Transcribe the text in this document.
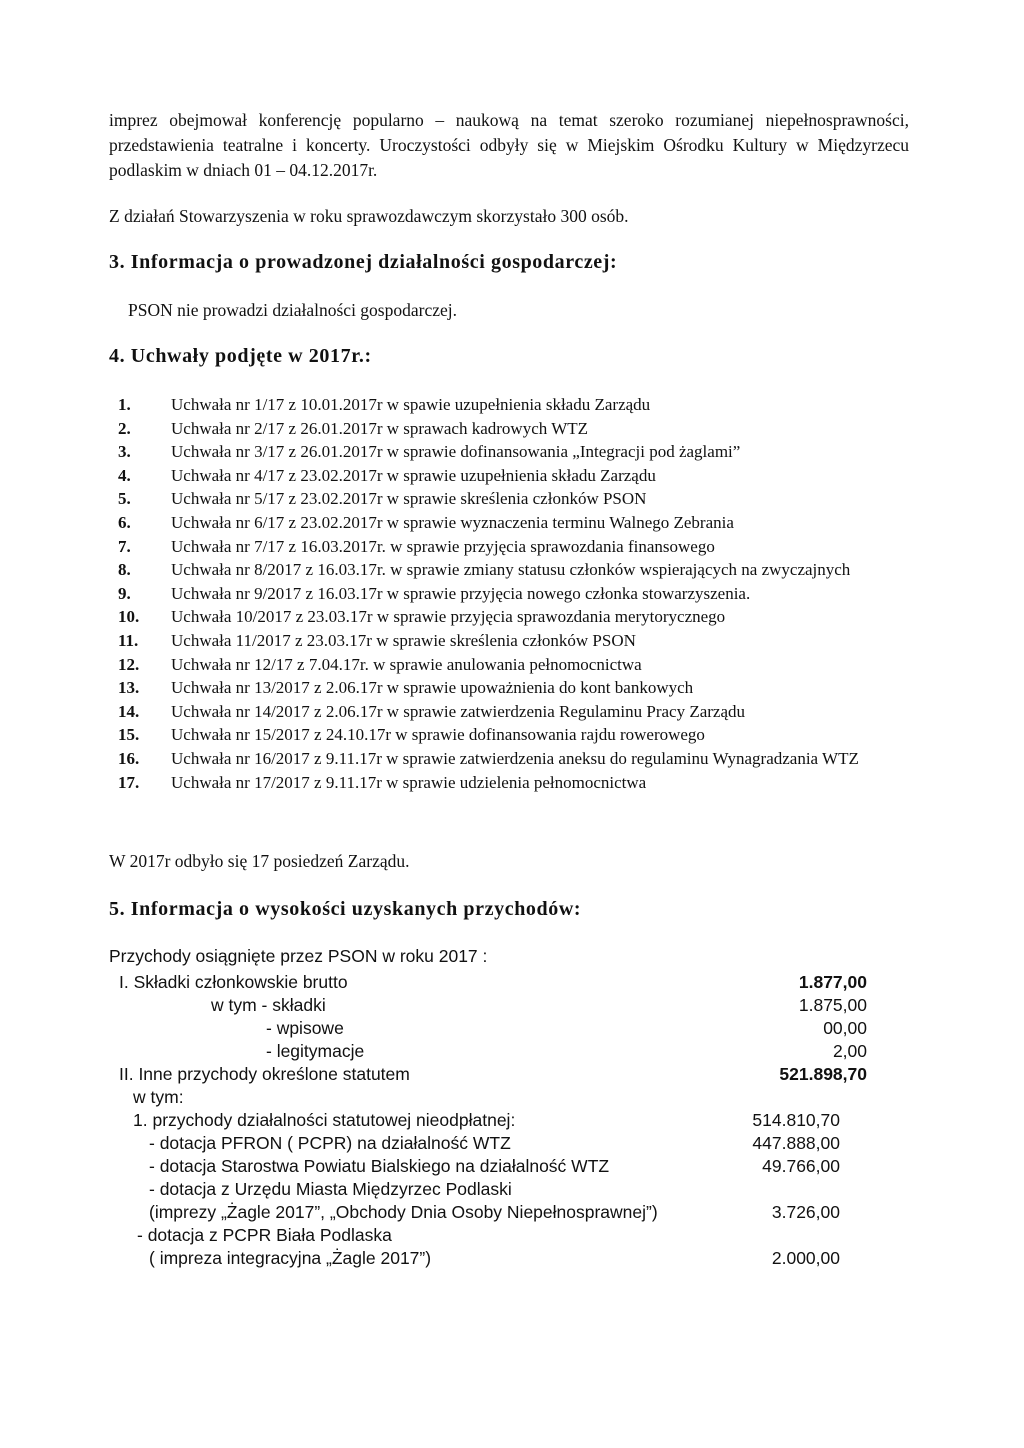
imprez obejmował konferencję popularno – naukową na temat szeroko rozumianej niepełnosprawności, przedstawienia teatralne i koncerty. Uroczystości odbyły się w Miejskim Ośrodku Kultury w Międzyrzecu podlaskim w dniach 01 – 04.12.2017r.
Z działań Stowarzyszenia w roku sprawozdawczym skorzystało 300 osób.
3. Informacja o prowadzonej działalności gospodarczej:
PSON nie prowadzi działalności gospodarczej.
4. Uchwały podjęte w 2017r.:
1.	Uchwała nr 1/17 z 10.01.2017r w spawie uzupełnienia składu Zarządu
2.	Uchwała nr 2/17 z 26.01.2017r w sprawach kadrowych WTZ
3.	Uchwała nr 3/17 z 26.01.2017r w sprawie dofinansowania „Integracji pod żaglami”
4.	Uchwała nr 4/17 z 23.02.2017r w sprawie uzupełnienia składu Zarządu
5.	Uchwała nr 5/17 z 23.02.2017r w sprawie skreślenia członków PSON
6.	Uchwała nr 6/17 z 23.02.2017r w sprawie wyznaczenia terminu Walnego Zebrania
7.	Uchwała nr 7/17 z 16.03.2017r. w sprawie przyjęcia sprawozdania finansowego
8.	Uchwała nr 8/2017 z 16.03.17r. w sprawie zmiany statusu członków wspierających na zwyczajnych
9.	Uchwała nr 9/2017 z 16.03.17r w sprawie przyjęcia nowego członka stowarzyszenia.
10.	Uchwała 10/2017 z 23.03.17r w sprawie przyjęcia sprawozdania merytorycznego
11.	Uchwała 11/2017 z 23.03.17r w sprawie skreślenia członków PSON
12.	Uchwała nr 12/17 z 7.04.17r. w sprawie anulowania pełnomocnictwa
13.	Uchwała nr 13/2017 z 2.06.17r w sprawie upoważnienia do kont bankowych
14.	Uchwała nr 14/2017 z 2.06.17r w sprawie zatwierdzenia Regulaminu Pracy Zarządu
15.	Uchwała nr 15/2017 z 24.10.17r w sprawie dofinansowania rajdu rowerowego
16.	Uchwała nr 16/2017 z 9.11.17r w sprawie zatwierdzenia aneksu do regulaminu Wynagradzania WTZ
17.	Uchwała nr 17/2017 z 9.11.17r w sprawie udzielenia pełnomocnictwa
W 2017r odbyło się 17 posiedzeń Zarządu.
5. Informacja o wysokości uzyskanych przychodów:
Przychody osiągnięte przez PSON w roku 2017 :
I. Składki członkowskie brutto	1.877,00
w tym - składki	1.875,00
- wpisowe	00,00
- legitymacje	2,00
II. Inne przychody określone statutem	521.898,70
w tym:
1. przychody działalności statutowej nieodpłatnej:	514.810,70
- dotacja PFRON ( PCPR) na działalność WTZ	447.888,00
- dotacja Starostwa Powiatu Bialskiego na działalność WTZ	49.766,00
- dotacja z Urzędu Miasta Międzyrzec Podlaski
(imprezy „Żagle 2017”, „Obchody Dnia Osoby Niepełnosprawnej”)	3.726,00
- dotacja z PCPR Biała Podlaska
( impreza integracyjna „Żagle 2017”)	2.000,00
